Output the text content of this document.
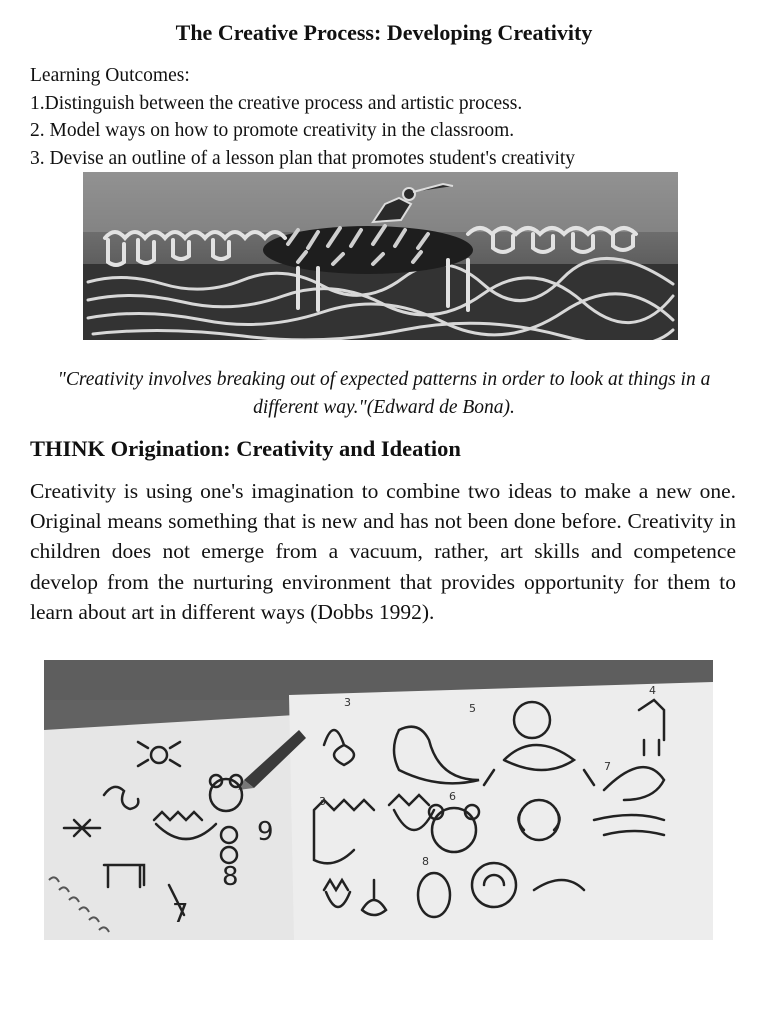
The Creative Process: Developing Creativity
Learning Outcomes:
1.Distinguish between the creative process and artistic process.
2. Model ways on how to promote creativity in the classroom.
3. Devise an outline of a lesson plan that promotes student's creativity
"Creativity involves breaking out of expected patterns in order to look at things in a different way."(Edward de Bona).
THINK Origination: Creativity and Ideation
Creativity is using one's imagination to combine two ideas to make a new one. Original means something that is new and has not been done before. Creativity in children does not emerge from a vacuum, rather, art skills and competence develop from the nurturing environment that provides opportunity for them to learn about art in different ways (Dobbs 1992).
3
4
5
3	6
7
8
9
8
7
